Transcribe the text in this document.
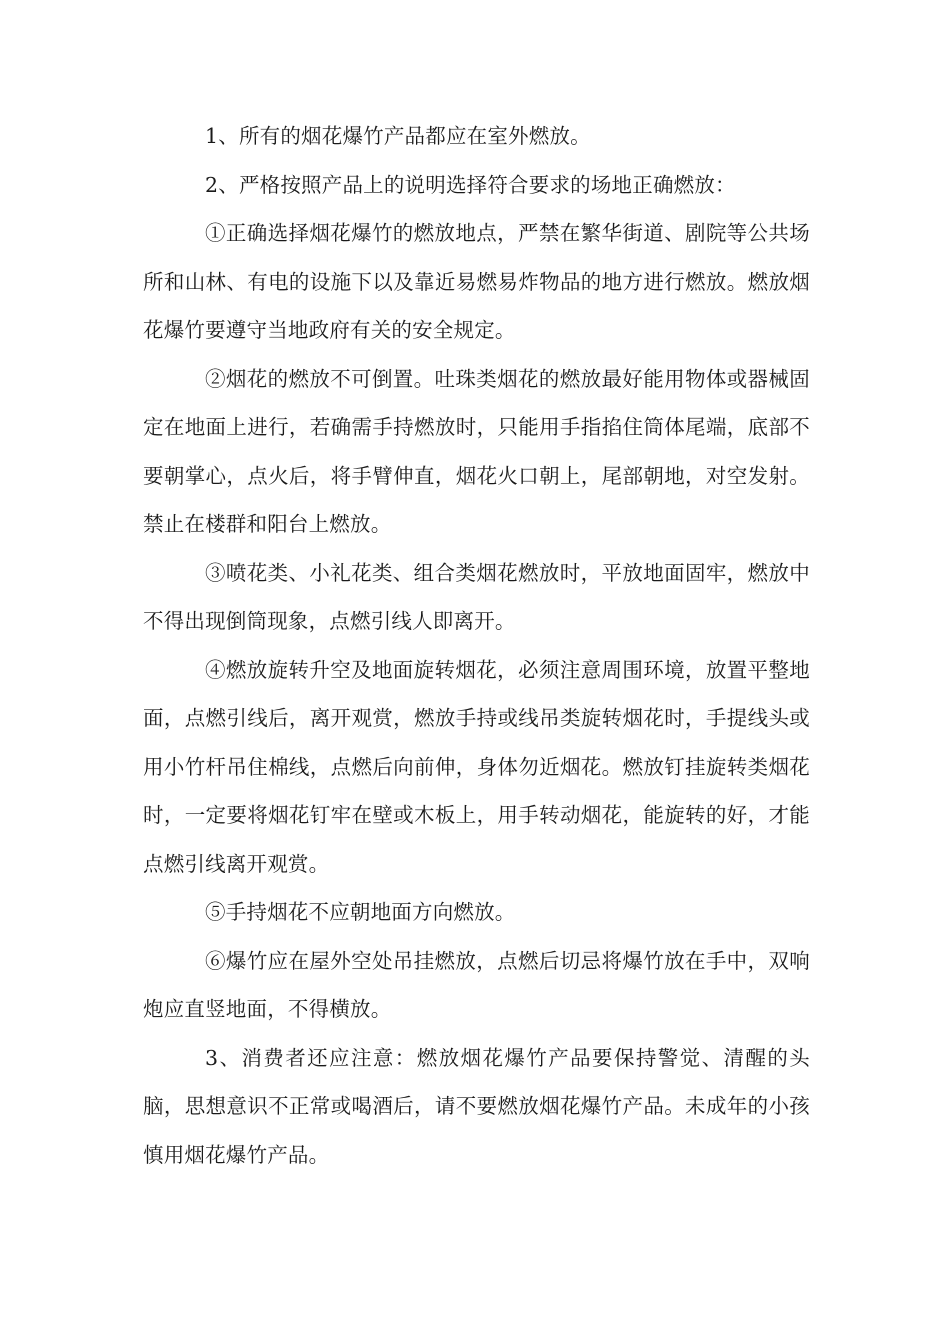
1、所有的烟花爆竹产品都应在室外燃放。

2、严格按照产品上的说明选择符合要求的场地正确燃放：

①正确选择烟花爆竹的燃放地点，严禁在繁华街道、剧院等公共场所和山林、有电的设施下以及靠近易燃易炸物品的地方进行燃放。燃放烟花爆竹要遵守当地政府有关的安全规定。

②烟花的燃放不可倒置。吐珠类烟花的燃放最好能用物体或器械固定在地面上进行，若确需手持燃放时，只能用手指掐住筒体尾端，底部不要朝掌心，点火后，将手臂伸直，烟花火口朝上，尾部朝地，对空发射。禁止在楼群和阳台上燃放。

③喷花类、小礼花类、组合类烟花燃放时，平放地面固牢，燃放中不得出现倒筒现象，点燃引线人即离开。

④燃放旋转升空及地面旋转烟花，必须注意周围环境，放置平整地面，点燃引线后，离开观赏，燃放手持或线吊类旋转烟花时，手提线头或用小竹杆吊住棉线，点燃后向前伸，身体勿近烟花。燃放钉挂旋转类烟花时，一定要将烟花钉牢在壁或木板上，用手转动烟花，能旋转的好，才能点燃引线离开观赏。

⑤手持烟花不应朝地面方向燃放。

⑥爆竹应在屋外空处吊挂燃放，点燃后切忌将爆竹放在手中，双响炮应直竖地面，不得横放。

3、消费者还应注意：燃放烟花爆竹产品要保持警觉、清醒的头脑，思想意识不正常或喝酒后，请不要燃放烟花爆竹产品。未成年的小孩慎用烟花爆竹产品。
